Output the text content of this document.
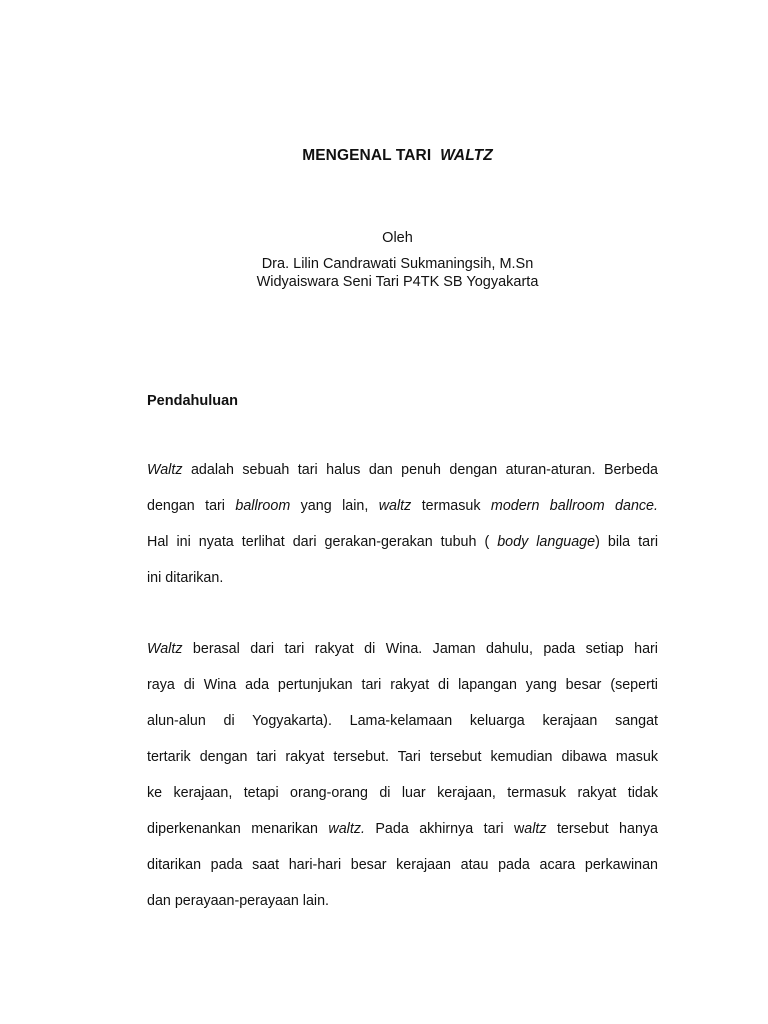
MENGENAL TARI WALTZ

Oleh

Dra. Lilin Candrawati Sukmaningsih, M.Sn

Widyaiswara Seni Tari P4TK SB Yogyakarta

Pendahuluan
Waltz adalah sebuah tari halus dan penuh dengan aturan-aturan. Berbeda
dengan tari ballroom yang lain, waltz termasuk modern ballroom dance.
Hal ini nyata terlihat dari gerakan-gerakan tubuh ( body language) bila tari
ini ditarikan.
Waltz berasal dari tari rakyat di Wina. Jaman dahulu, pada setiap hari
raya di Wina ada pertunjukan tari rakyat di lapangan yang besar (seperti
alun-alun di Yogyakarta). Lama-kelamaan keluarga kerajaan sangat
tertarik dengan tari rakyat tersebut. Tari tersebut kemudian dibawa masuk
ke kerajaan, tetapi orang-orang di luar kerajaan, termasuk rakyat tidak
diperkenankan menarikan waltz. Pada akhirnya tari waltz tersebut hanya
ditarikan pada saat hari-hari besar kerajaan atau pada acara perkawinan
dan perayaan-perayaan lain.
